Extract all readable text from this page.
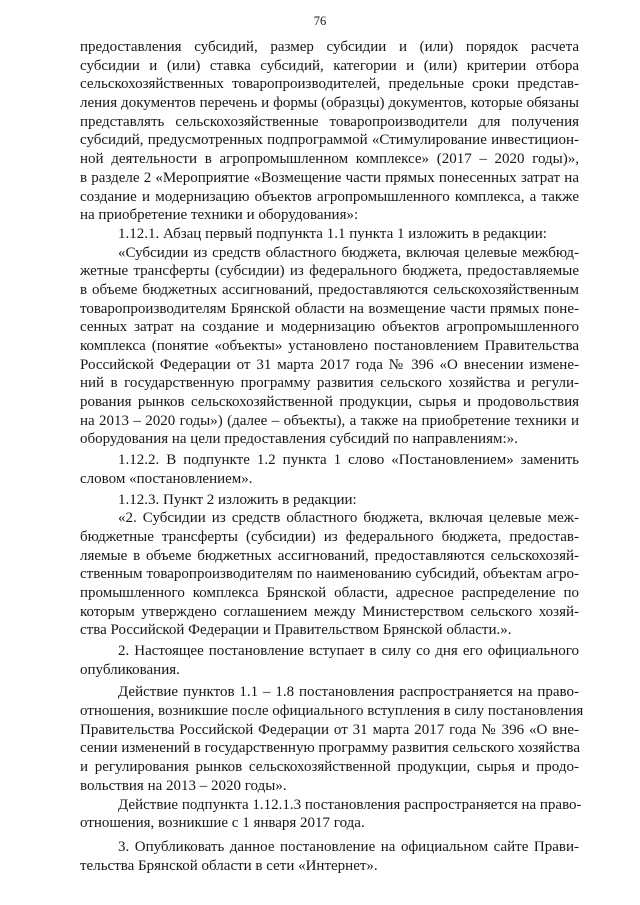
76
предоставления субсидий, размер субсидии и (или) порядок расчета
субсидии и (или) ставка субсидий, категории и (или) критерии отбора
сельскохозяйственных товаропроизводителей, предельные сроки представ-
ления документов перечень и формы (образцы) документов, которые обязаны
представлять сельскохозяйственные товаропроизводители для получения
субсидий, предусмотренных подпрограммой «Стимулирование инвестицион-
ной деятельности в агропромышленном комплексе» (2017 – 2020 годы)»,
в разделе 2 «Мероприятие «Возмещение части прямых понесенных затрат на
создание и модернизацию объектов агропромышленного комплекса, а также
на приобретение техники и оборудования»:
1.12.1. Абзац первый подпункта 1.1 пункта 1 изложить в редакции:
«Субсидии из средств областного бюджета, включая целевые межбюд-
жетные трансферты (субсидии) из федерального бюджета, предоставляемые
в объеме бюджетных ассигнований, предоставляются сельскохозяйственным
товаропроизводителям Брянской области на возмещение части прямых поне-
сенных затрат на создание и модернизацию объектов агропромышленного
комплекса (понятие «объекты» установлено постановлением Правительства
Российской Федерации от 31 марта 2017 года № 396 «О внесении измене-
ний в государственную программу развития сельского хозяйства и регули-
рования рынков сельскохозяйственной продукции, сырья и продовольствия
на 2013 – 2020 годы») (далее – объекты), а также на приобретение техники и
оборудования на цели предоставления субсидий по направлениям:».
1.12.2. В подпункте 1.2 пункта 1 слово «Постановлением» заменить
словом «постановлением».
1.12.3. Пункт 2 изложить в редакции:
«2. Субсидии из средств областного бюджета, включая целевые меж-
бюджетные трансферты (субсидии) из федерального бюджета, предостав-
ляемые в объеме бюджетных ассигнований, предоставляются сельскохозяй-
ственным товаропроизводителям по наименованию субсидий, объектам агро-
промышленного комплекса Брянской области, адресное распределение по
которым утверждено соглашением между Министерством сельского хозяй-
ства Российской Федерации и Правительством Брянской области.».
2. Настоящее постановление вступает в силу со дня его официального
опубликования.
Действие пунктов 1.1 – 1.8 постановления распространяется на право-
отношения, возникшие после официального вступления в силу постановления
Правительства Российской Федерации от 31 марта 2017 года № 396 «О вне-
сении изменений в государственную программу развития сельского хозяйства
и регулирования рынков сельскохозяйственной продукции, сырья и продо-
вольствия на 2013 – 2020 годы».
Действие подпункта 1.12.1.3 постановления распространяется на право-
отношения, возникшие с 1 января 2017 года.
3. Опубликовать данное постановление на официальном сайте Прави-
тельства Брянской области в сети «Интернет».
